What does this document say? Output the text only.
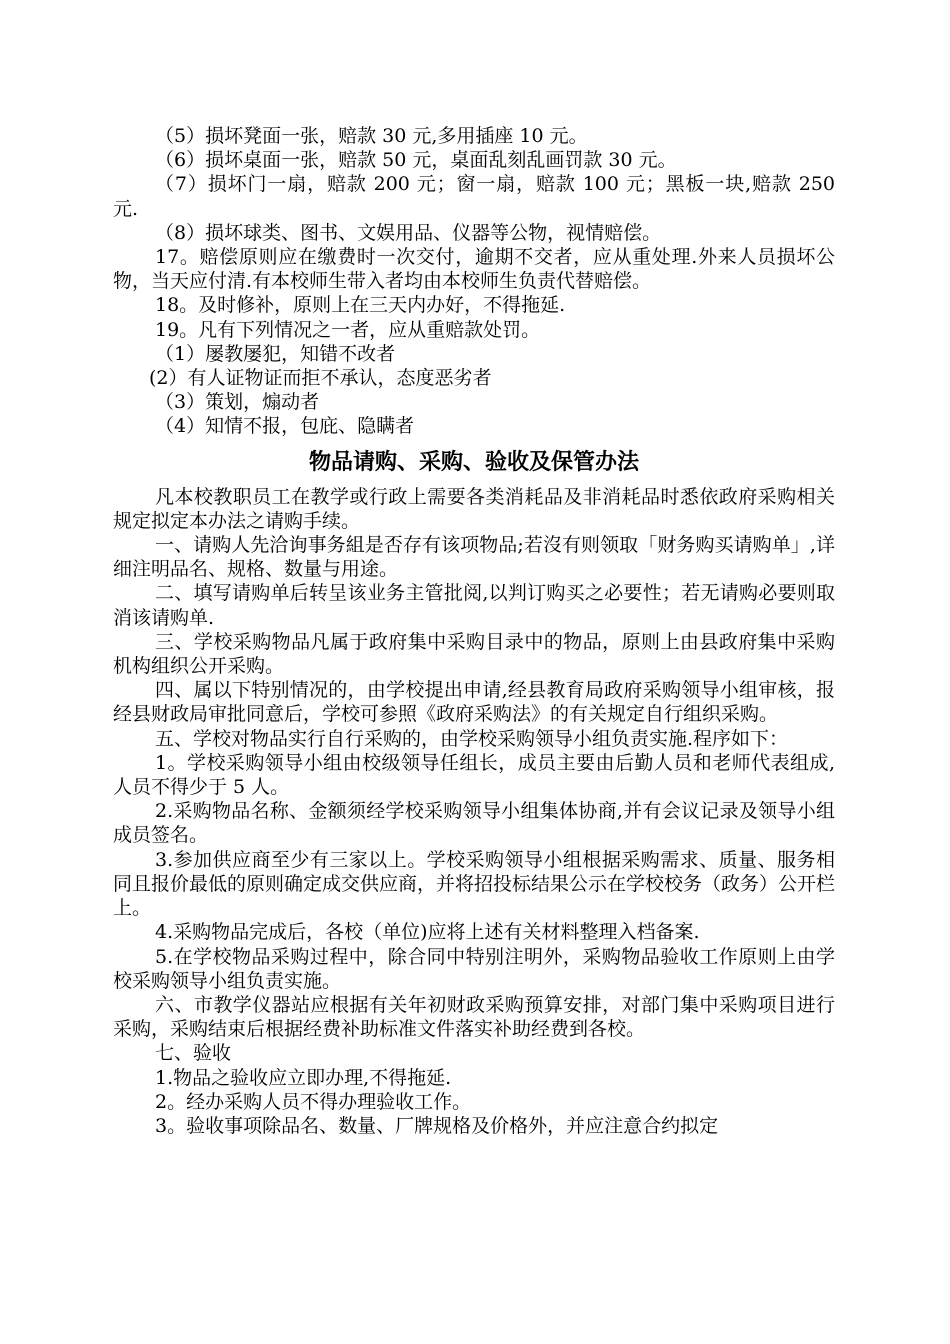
（5）损坏凳面一张，赔款 30 元,多用插座 10 元。

（6）损坏桌面一张，赔款 50 元，桌面乱刻乱画罚款 30 元。

（7）损坏门一扇，赔款 200 元；窗一扇，赔款 100 元；黑板一块,赔款 250 元.

（8）损坏球类、图书、文娱用品、仪器等公物，视情赔偿。

17。赔偿原则应在缴费时一次交付，逾期不交者，应从重处理.外来人员损坏公物，当天应付清.有本校师生带入者均由本校师生负责代替赔偿。

18。及时修补，原则上在三天内办好，不得拖延.

19。凡有下列情况之一者，应从重赔款处罚。

（1）屡教屡犯，知错不改者

(2）有人证物证而拒不承认，态度恶劣者

（3）策划，煽动者

（4）知情不报，包庇、隐瞒者

物品请购、采购、验收及保管办法

凡本校教职员工在教学或行政上需要各类消耗品及非消耗品时悉依政府采购相关规定拟定本办法之请购手续。

一、请购人先洽询事务組是否存有该项物品;若沒有则领取「财务购买请购单」,详细注明品名、规格、数量与用途。

二、填写请购单后转呈该业务主管批阅,以判订购买之必要性；若无请购必要则取消该请购单.

三、学校采购物品凡属于政府集中采购目录中的物品，原则上由县政府集中采购机构组织公开采购。

四、属以下特别情况的，由学校提出申请,经县教育局政府采购领导小组审核，报经县财政局审批同意后，学校可参照《政府采购法》的有关规定自行组织采购。

五、学校对物品实行自行采购的，由学校采购领导小组负责实施.程序如下：

1。学校采购领导小组由校级领导任组长，成员主要由后勤人员和老师代表组成,人员不得少于 5 人。

2.采购物品名称、金额须经学校采购领导小组集体协商,并有会议记录及领导小组成员签名。

3.参加供应商至少有三家以上。学校采购领导小组根据采购需求、质量、服务相同且报价最低的原则确定成交供应商，并将招投标结果公示在学校校务（政务）公开栏上。

4.采购物品完成后，各校（单位)应将上述有关材料整理入档备案.

5.在学校物品采购过程中，除合同中特别注明外，采购物品验收工作原则上由学校采购领导小组负责实施。

六、市教学仪器站应根据有关年初财政采购预算安排，对部门集中采购项目进行采购，采购结束后根据经费补助标准文件落实补助经费到各校。

七、验收

1.物品之验收应立即办理,不得拖延.

2。经办采购人员不得办理验收工作。

3。验收事项除品名、数量、厂牌规格及价格外，并应注意合约拟定
